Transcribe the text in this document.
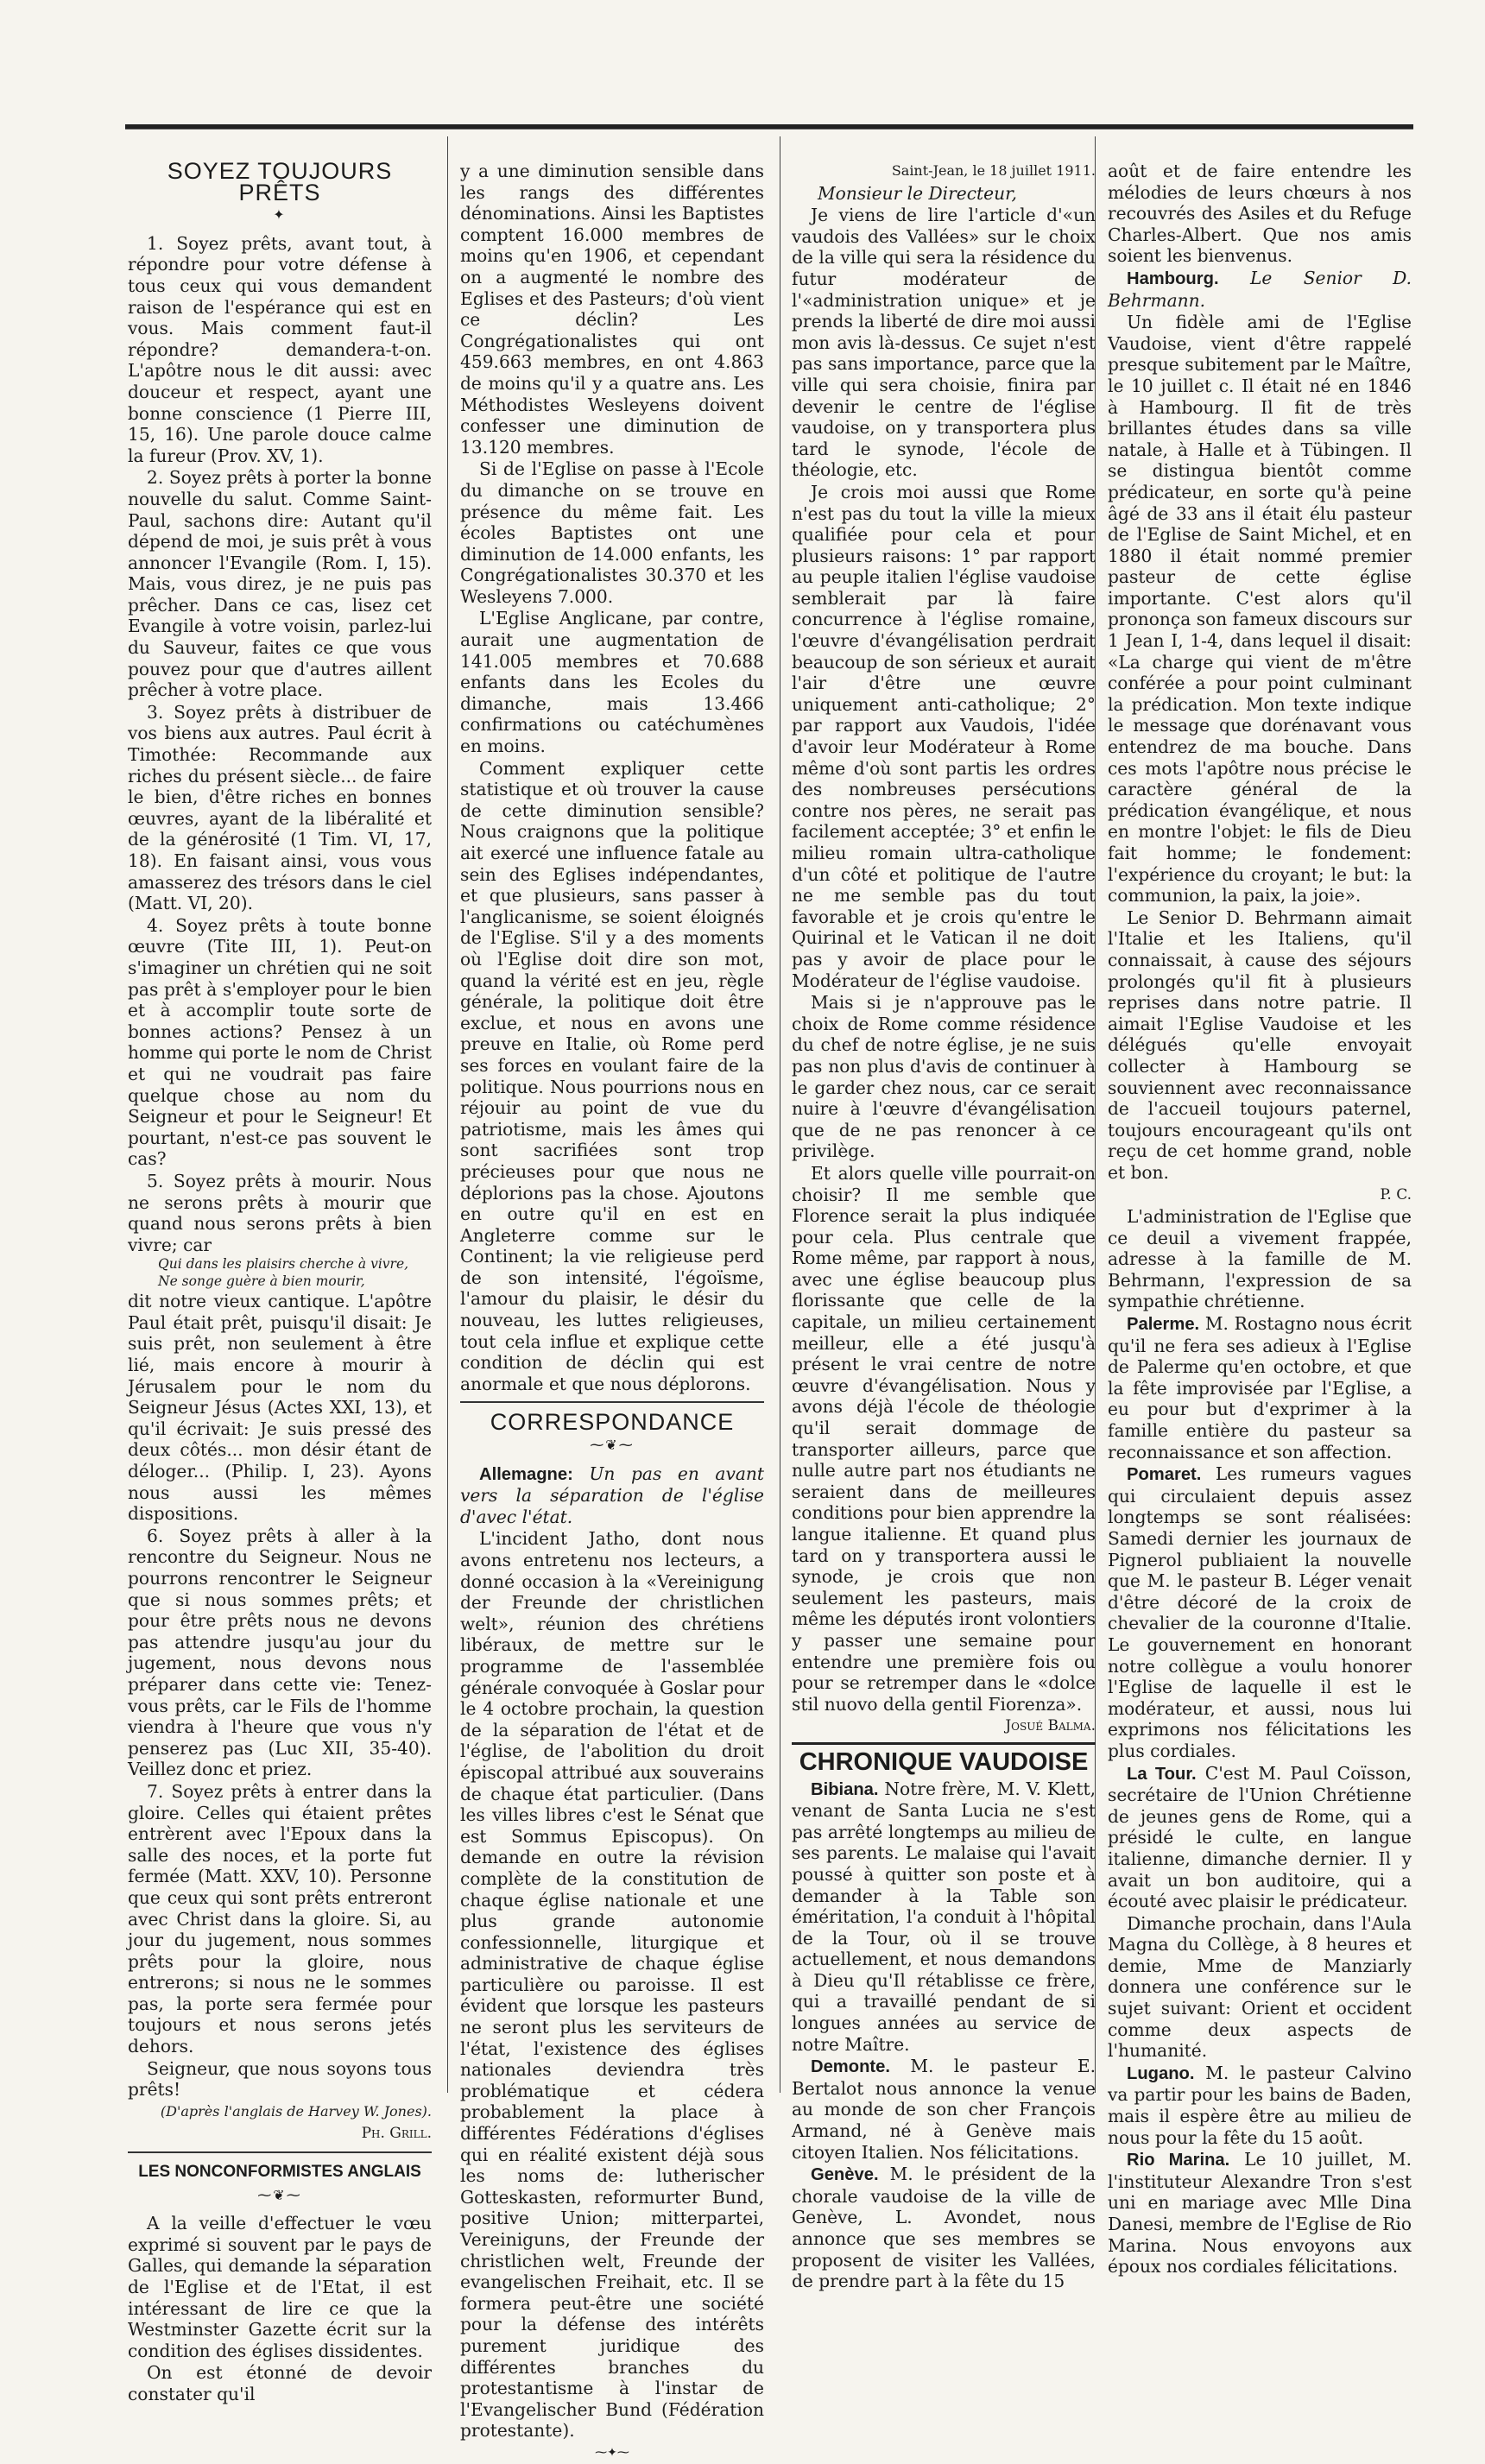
SOYEZ TOUJOURS PRÊTS

✦

1. Soyez prêts, avant tout, à répondre pour votre défense à tous ceux qui vous demandent raison de l'espérance qui est en vous. Mais comment faut-il répondre? demandera-t-on. L'apôtre nous le dit aussi: avec douceur et respect, ayant une bonne conscience (1 Pierre III, 15, 16). Une parole douce calme la fureur (Prov. XV, 1).

2. Soyez prêts à porter la bonne nouvelle du salut. Comme Saint-Paul, sachons dire: Autant qu'il dépend de moi, je suis prêt à vous annoncer l'Evangile (Rom. I, 15). Mais, vous direz, je ne puis pas prêcher. Dans ce cas, lisez cet Evangile à votre voisin, parlez-lui du Sauveur, faites ce que vous pouvez pour que d'autres aillent prêcher à votre place.

3. Soyez prêts à distribuer de vos biens aux autres. Paul écrit à Timothée: Recommande aux riches du présent siècle... de faire le bien, d'être riches en bonnes œuvres, ayant de la libéralité et de la générosité (1 Tim. VI, 17, 18). En faisant ainsi, vous vous amasserez des trésors dans le ciel (Matt. VI, 20).

4. Soyez prêts à toute bonne œuvre (Tite III, 1). Peut-on s'imaginer un chrétien qui ne soit pas prêt à s'employer pour le bien et à accomplir toute sorte de bonnes actions? Pensez à un homme qui porte le nom de Christ et qui ne voudrait pas faire quelque chose au nom du Seigneur et pour le Seigneur! Et pourtant, n'est-ce pas souvent le cas?

5. Soyez prêts à mourir. Nous ne serons prêts à mourir que quand nous serons prêts à bien vivre; car

Qui dans les plaisirs cherche à vivre,

Ne songe guère à bien mourir,

dit notre vieux cantique. L'apôtre Paul était prêt, puisqu'il disait: Je suis prêt, non seulement à être lié, mais encore à mourir à Jérusalem pour le nom du Seigneur Jésus (Actes XXI, 13), et qu'il écrivait: Je suis pressé des deux côtés... mon désir étant de déloger... (Philip. I, 23). Ayons nous aussi les mêmes dispositions.

6. Soyez prêts à aller à la rencontre du Seigneur. Nous ne pourrons rencontrer le Seigneur que si nous sommes prêts; et pour être prêts nous ne devons pas attendre jusqu'au jour du jugement, nous devons nous préparer dans cette vie: Tenez-vous prêts, car le Fils de l'homme viendra à l'heure que vous n'y penserez pas (Luc XII, 35-40). Veillez donc et priez.

7. Soyez prêts à entrer dans la gloire. Celles qui étaient prêtes entrèrent avec l'Epoux dans la salle des noces, et la porte fut fermée (Matt. XXV, 10). Personne que ceux qui sont prêts entreront avec Christ dans la gloire. Si, au jour du jugement, nous sommes prêts pour la gloire, nous entrerons; si nous ne le sommes pas, la porte sera fermée pour toujours et nous serons jetés dehors.

Seigneur, que nous soyons tous prêts!

(D'après l'anglais de Harvey W. Jones).

Ph. Grill.

LES NONCONFORMISTES ANGLAIS

⁓❦⁓

A la veille d'effectuer le vœu exprimé si souvent par le pays de Galles, qui demande la séparation de l'Eglise et de l'Etat, il est intéressant de lire ce que la Westminster Gazette écrit sur la condition des églises dissidentes.

On est étonné de devoir constater qu'il

y a une diminution sensible dans les rangs des différentes dénominations. Ainsi les Baptistes comptent 16.000 membres de moins qu'en 1906, et cependant on a augmenté le nombre des Eglises et des Pasteurs; d'où vient ce déclin? Les Congrégationalistes qui ont 459.663 membres, en ont 4.863 de moins qu'il y a quatre ans. Les Méthodistes Wesleyens doivent confesser une diminution de 13.120 membres.

Si de l'Eglise on passe à l'Ecole du dimanche on se trouve en présence du même fait. Les écoles Baptistes ont une diminution de 14.000 enfants, les Congrégationalistes 30.370 et les Wesleyens 7.000.

L'Eglise Anglicane, par contre, aurait une augmentation de 141.005 membres et 70.688 enfants dans les Ecoles du dimanche, mais 13.466 confirmations ou catéchumènes en moins.

Comment expliquer cette statistique et où trouver la cause de cette diminution sensible? Nous craignons que la politique ait exercé une influence fatale au sein des Eglises indépendantes, et que plusieurs, sans passer à l'anglicanisme, se soient éloignés de l'Eglise. S'il y a des moments où l'Eglise doit dire son mot, quand la vérité est en jeu, règle générale, la politique doit être exclue, et nous en avons une preuve en Italie, où Rome perd ses forces en voulant faire de la politique. Nous pourrions nous en réjouir au point de vue du patriotisme, mais les âmes qui sont sacrifiées sont trop précieuses pour que nous ne déplorions pas la chose. Ajoutons en outre qu'il en est en Angleterre comme sur le Continent; la vie religieuse perd de son intensité, l'égoïsme, l'amour du plaisir, le désir du nouveau, les luttes religieuses, tout cela influe et explique cette condition de déclin qui est anormale et que nous déplorons.

CORRESPONDANCE

⁓❦⁓

Allemagne: Un pas en avant vers la séparation de l'église d'avec l'état.

L'incident Jatho, dont nous avons entretenu nos lecteurs, a donné occasion à la «Vereinigung der Freunde der christlichen welt», réunion des chrétiens libéraux, de mettre sur le programme de l'assemblée générale convoquée à Goslar pour le 4 octobre prochain, la question de la séparation de l'état et de l'église, de l'abolition du droit épiscopal attribué aux souverains de chaque état particulier. (Dans les villes libres c'est le Sénat que est Sommus Episcopus). On demande en outre la révision complète de la constitution de chaque église nationale et une plus grande autonomie confessionnelle, liturgique et administrative de chaque église particulière ou paroisse. Il est évident que lorsque les pasteurs ne seront plus les serviteurs de l'état, l'existence des églises nationales deviendra très problématique et cédera probablement la place à différentes Fédérations d'églises qui en réalité existent déjà sous les noms de: lutherischer Gotteskasten, reformurter Bund, positive Union; mitterpartei, Vereiniguns, der Freunde der christlichen welt, Freunde der evangelischen Freihait, etc. Il se formera peut-être une société pour la défense des intérêts purement juridique des différentes branches du protestantisme à l'instar de l'Evangelischer Bund (Fédération protestante).

⁓✦⁓

Saint-Jean, le 18 juillet 1911.

Monsieur le Directeur,

Je viens de lire l'article d'«un vaudois des Vallées» sur le choix de la ville qui sera la résidence du futur modérateur de l'«administration unique» et je prends la liberté de dire moi aussi mon avis là-dessus. Ce sujet n'est pas sans importance, parce que la ville qui sera choisie, finira par devenir le centre de l'église vaudoise, on y transportera plus tard le synode, l'école de théologie, etc.

Je crois moi aussi que Rome n'est pas du tout la ville la mieux qualifiée pour cela et pour plusieurs raisons: 1° par rapport au peuple italien l'église vaudoise semblerait par là faire concurrence à l'église romaine, l'œuvre d'évangélisation perdrait beaucoup de son sérieux et aurait l'air d'être une œuvre uniquement anti-catholique; 2° par rapport aux Vaudois, l'idée d'avoir leur Modérateur à Rome même d'où sont partis les ordres des nombreuses persécutions contre nos pères, ne serait pas facilement acceptée; 3° et enfin le milieu romain ultra-catholique d'un côté et politique de l'autre ne me semble pas du tout favorable et je crois qu'entre le Quirinal et le Vatican il ne doit pas y avoir de place pour le Modérateur de l'église vaudoise.

Mais si je n'approuve pas le choix de Rome comme résidence du chef de notre église, je ne suis pas non plus d'avis de continuer à le garder chez nous, car ce serait nuire à l'œuvre d'évangélisation que de ne pas renoncer à ce privilège.

Et alors quelle ville pourrait-on choisir? Il me semble que Florence serait la plus indiquée pour cela. Plus centrale que Rome même, par rapport à nous, avec une église beaucoup plus florissante que celle de la capitale, un milieu certainement meilleur, elle a été jusqu'à présent le vrai centre de notre œuvre d'évangélisation. Nous y avons déjà l'école de théologie qu'il serait dommage de transporter ailleurs, parce que nulle autre part nos étudiants ne seraient dans de meilleures conditions pour bien apprendre la langue italienne. Et quand plus tard on y transportera aussi le synode, je crois que non seulement les pasteurs, mais même les députés iront volontiers y passer une semaine pour entendre une première fois ou pour se retremper dans le «dolce stil nuovo della gentil Fiorenza».

Josué Balma.

CHRONIQUE VAUDOISE

Bibiana. Notre frère, M. V. Klett, venant de Santa Lucia ne s'est pas arrêté longtemps au milieu de ses parents. Le malaise qui l'avait poussé à quitter son poste et à demander à la Table son éméritation, l'a conduit à l'hôpital de la Tour, où il se trouve actuellement, et nous demandons à Dieu qu'Il rétablisse ce frère, qui a travaillé pendant de si longues années au service de notre Maître.

Demonte. M. le pasteur E. Bertalot nous annonce la venue au monde de son cher François Armand, né à Genève mais citoyen Italien. Nos félicitations.

Genève. M. le président de la chorale vaudoise de la ville de Genève, L. Avondet, nous annonce que ses membres se proposent de visiter les Vallées, de prendre part à la fête du 15

août et de faire entendre les mélodies de leurs chœurs à nos recouvrés des Asiles et du Refuge Charles-Albert. Que nos amis soient les bienvenus.

Hambourg. Le Senior D. Behrmann.

Un fidèle ami de l'Eglise Vaudoise, vient d'être rappelé presque subitement par le Maître, le 10 juillet c. Il était né en 1846 à Hambourg. Il fit de très brillantes études dans sa ville natale, à Halle et à Tübingen. Il se distingua bientôt comme prédicateur, en sorte qu'à peine âgé de 33 ans il était élu pasteur de l'Eglise de Saint Michel, et en 1880 il était nommé premier pasteur de cette église importante. C'est alors qu'il prononça son fameux discours sur 1 Jean I, 1-4, dans lequel il disait: «La charge qui vient de m'être conférée a pour point culminant la prédication. Mon texte indique le message que dorénavant vous entendrez de ma bouche. Dans ces mots l'apôtre nous précise le caractère général de la prédication évangélique, et nous en montre l'objet: le fils de Dieu fait homme; le fondement: l'expérience du croyant; le but: la communion, la paix, la joie».

Le Senior D. Behrmann aimait l'Italie et les Italiens, qu'il connaissait, à cause des séjours prolongés qu'il fit à plusieurs reprises dans notre patrie. Il aimait l'Eglise Vaudoise et les délégués qu'elle envoyait collecter à Hambourg se souviennent avec reconnaissance de l'accueil toujours paternel, toujours encourageant qu'ils ont reçu de cet homme grand, noble et bon.

P. C.

L'administration de l'Eglise que ce deuil a vivement frappée, adresse à la famille de M. Behrmann, l'expression de sa sympathie chrétienne.

Palerme. M. Rostagno nous écrit qu'il ne fera ses adieux à l'Eglise de Palerme qu'en octobre, et que la fête improvisée par l'Eglise, a eu pour but d'exprimer à la famille entière du pasteur sa reconnaissance et son affection.

Pomaret. Les rumeurs vagues qui circulaient depuis assez longtemps se sont réalisées: Samedi dernier les journaux de Pignerol publiaient la nouvelle que M. le pasteur B. Léger venait d'être décoré de la croix de chevalier de la couronne d'Italie. Le gouvernement en honorant notre collègue a voulu honorer l'Eglise de laquelle il est le modérateur, et aussi, nous lui exprimons nos félicitations les plus cordiales.

La Tour. C'est M. Paul Coïsson, secrétaire de l'Union Chrétienne de jeunes gens de Rome, qui a présidé le culte, en langue italienne, dimanche dernier. Il y avait un bon auditoire, qui a écouté avec plaisir le prédicateur.

Dimanche prochain, dans l'Aula Magna du Collège, à 8 heures et demie, Mme de Manziarly donnera une conférence sur le sujet suivant: Orient et occident comme deux aspects de l'humanité.

Lugano. M. le pasteur Calvino va partir pour les bains de Baden, mais il espère être au milieu de nous pour la fête du 15 août.

Rio Marina. Le 10 juillet, M. l'instituteur Alexandre Tron s'est uni en mariage avec Mlle Dina Danesi, membre de l'Eglise de Rio Marina. Nous envoyons aux époux nos cordiales félicitations.
